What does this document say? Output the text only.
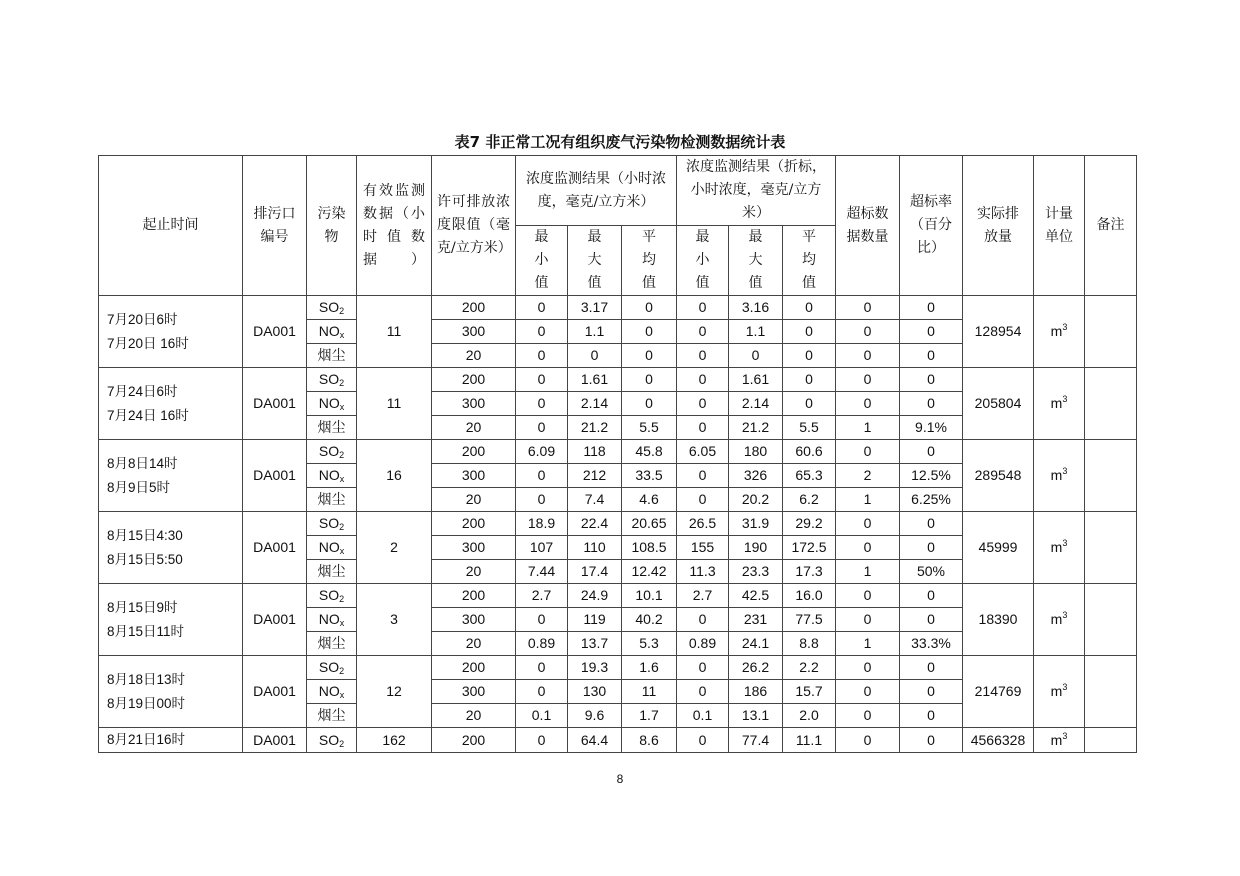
表7 非正常工况有组织废气污染物检测数据统计表
起止时间	排污口编号	污染物	有效监测数据（小时值数据）	许可排放浓度限值（毫克/立方米）	浓度监测结果（小时浓度，毫克/立方米）			浓度监测结果（折标，小时浓度，毫克/立方米）			超标数据数量	超标率（百分比）	实际排放量	计量单位	备注

					最小值	最大值	平均值	最小值	最大值	平均值					

7月20日6时
7月20日 16时	DA001	$SO_2$	11	200	0	3.17	0	0	3.16	0	0	0	128954	$m^3$	
		$NO_x$		300	0	1.1	0	0	1.1	0	0	0			
		烟尘		20	0	0	0	0	0	0	0	0			
7月24日6时
7月24日 16时	DA001	$SO_2$	11	200	0	1.61	0	0	1.61	0	0	0	205804	$m^3$	
		$NO_x$		300	0	2.14	0	0	2.14	0	0	0			
		烟尘		20	0	21.2	5.5	0	21.2	5.5	1	9.1%			
8月8日14时
8月9日5时	DA001	$SO_2$	16	200	6.09	118	45.8	6.05	180	60.6	0	0	289548	$m^3$	
		$NO_x$		300	0	212	33.5	0	326	65.3	2	12.5%			
		烟尘		20	0	7.4	4.6	0	20.2	6.2	1	6.25%			
8月15日4:30
8月15日5:50	DA001	$SO_2$	2	200	18.9	22.4	20.65	26.5	31.9	29.2	0	0	45999	$m^3$	
		$NO_x$		300	107	110	108.5	155	190	172.5	0	0			
		烟尘		20	7.44	17.4	12.42	11.3	23.3	17.3	1	50%			
8月15日9时
8月15日11时	DA001	$SO_2$	3	200	2.7	24.9	10.1	2.7	42.5	16.0	0	0	18390	$m^3$	
		$NO_x$		300	0	119	40.2	0	231	77.5	0	0			
		烟尘		20	0.89	13.7	5.3	0.89	24.1	8.8	1	33.3%			
8月18日13时
8月19日00时	DA001	$SO_2$	12	200	0	19.3	1.6	0	26.2	2.2	0	0	214769	$m^3$	
		$NO_x$		300	0	130	11	0	186	15.7	0	0			
		烟尘		20	0.1	9.6	1.7	0.1	13.1	2.0	0	0			
8月21日16时	DA001	$SO_2$	162	200	0	64.4	8.6	0	77.4	11.1	0	0	4566328	$m^3$	
8
